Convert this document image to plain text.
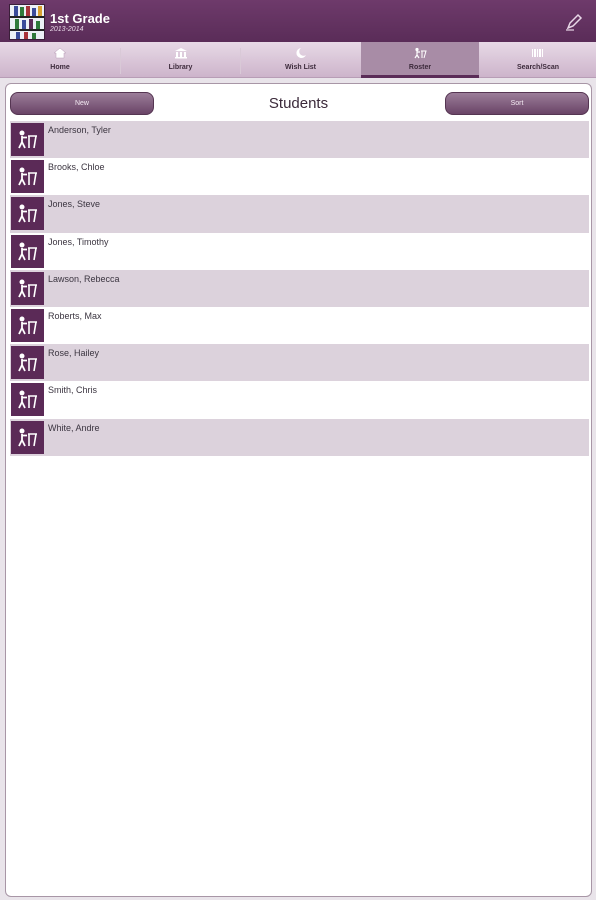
1st Grade
2013-2014
Home	Library	Wish List	Roster	Search/Scan
New	Students	Sort
Anderson, Tyler
Brooks, Chloe
Jones, Steve
Jones, Timothy
Lawson, Rebecca
Roberts, Max
Rose, Hailey
Smith, Chris
White, Andre
